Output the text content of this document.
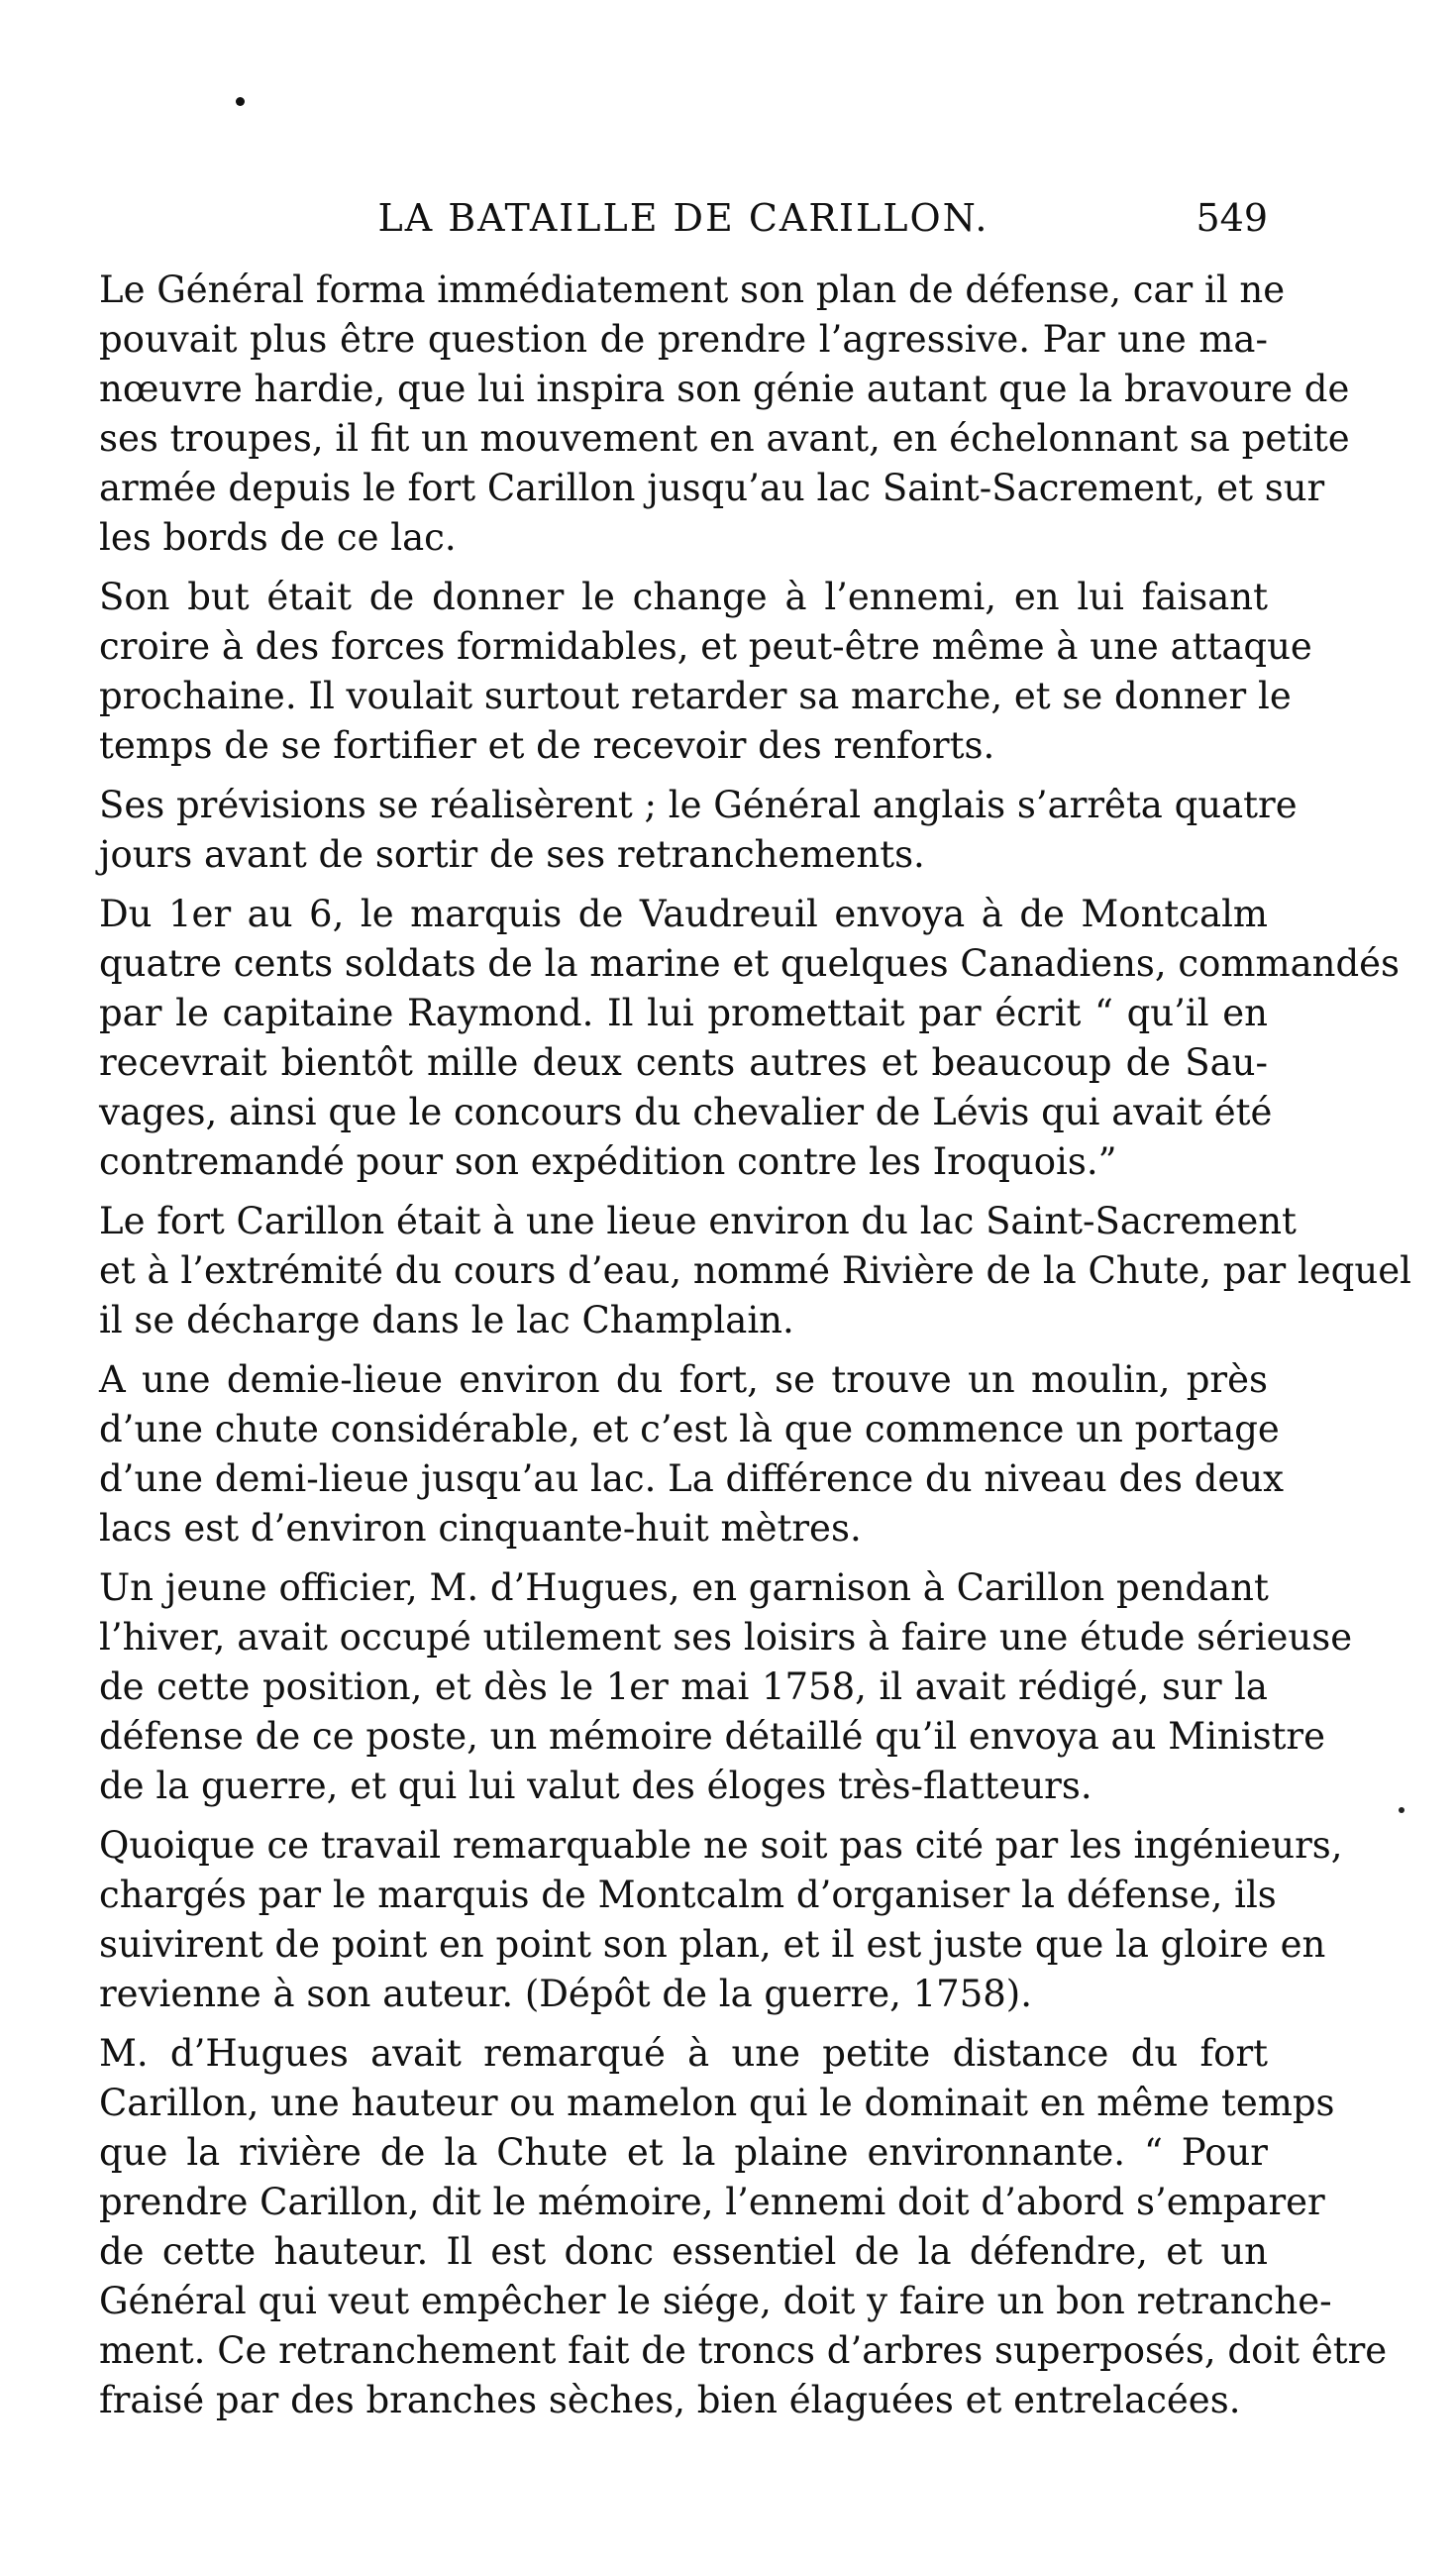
LA BATAILLE DE CARILLON.	549
Le Général forma immédiatement son plan de défense, car il ne
pouvait plus être question de prendre l’agressive. Par une ma-
nœuvre hardie, que lui inspira son génie autant que la bravoure de
ses troupes, il fit un mouvement en avant, en échelonnant sa petite
armée depuis le fort Carillon jusqu’au lac Saint-Sacrement, et sur
les bords de ce lac.
Son but était de donner le change à l’ennemi, en lui faisant
croire à des forces formidables, et peut-être même à une attaque
prochaine. Il voulait surtout retarder sa marche, et se donner le
temps de se fortifier et de recevoir des renforts.
Ses prévisions se réalisèrent ; le Général anglais s’arrêta quatre
jours avant de sortir de ses retranchements.
Du 1er au 6, le marquis de Vaudreuil envoya à de Montcalm
quatre cents soldats de la marine et quelques Canadiens, commandés
par le capitaine Raymond. Il lui promettait par écrit “ qu’il en
recevrait bientôt mille deux cents autres et beaucoup de Sau-
vages, ainsi que le concours du chevalier de Lévis qui avait été
contremandé pour son expédition contre les Iroquois.”
Le fort Carillon était à une lieue environ du lac Saint-Sacrement
et à l’extrémité du cours d’eau, nommé Rivière de la Chute, par lequel
il se décharge dans le lac Champlain.
A une demie-lieue environ du fort, se trouve un moulin, près
d’une chute considérable, et c’est là que commence un portage
d’une demi-lieue jusqu’au lac. La différence du niveau des deux
lacs est d’environ cinquante-huit mètres.
Un jeune officier, M. d’Hugues, en garnison à Carillon pendant
l’hiver, avait occupé utilement ses loisirs à faire une étude sérieuse
de cette position, et dès le 1er mai 1758, il avait rédigé, sur la
défense de ce poste, un mémoire détaillé qu’il envoya au Ministre
de la guerre, et qui lui valut des éloges très-flatteurs.
Quoique ce travail remarquable ne soit pas cité par les ingénieurs,
chargés par le marquis de Montcalm d’organiser la défense, ils
suivirent de point en point son plan, et il est juste que la gloire en
revienne à son auteur. (Dépôt de la guerre, 1758).
M. d’Hugues avait remarqué à une petite distance du fort
Carillon, une hauteur ou mamelon qui le dominait en même temps
que la rivière de la Chute et la plaine environnante. “ Pour
prendre Carillon, dit le mémoire, l’ennemi doit d’abord s’emparer
de cette hauteur. Il est donc essentiel de la défendre, et un
Général qui veut empêcher le siége, doit y faire un bon retranche-
ment. Ce retranchement fait de troncs d’arbres superposés, doit être
fraisé par des branches sèches, bien élaguées et entrelacées.
